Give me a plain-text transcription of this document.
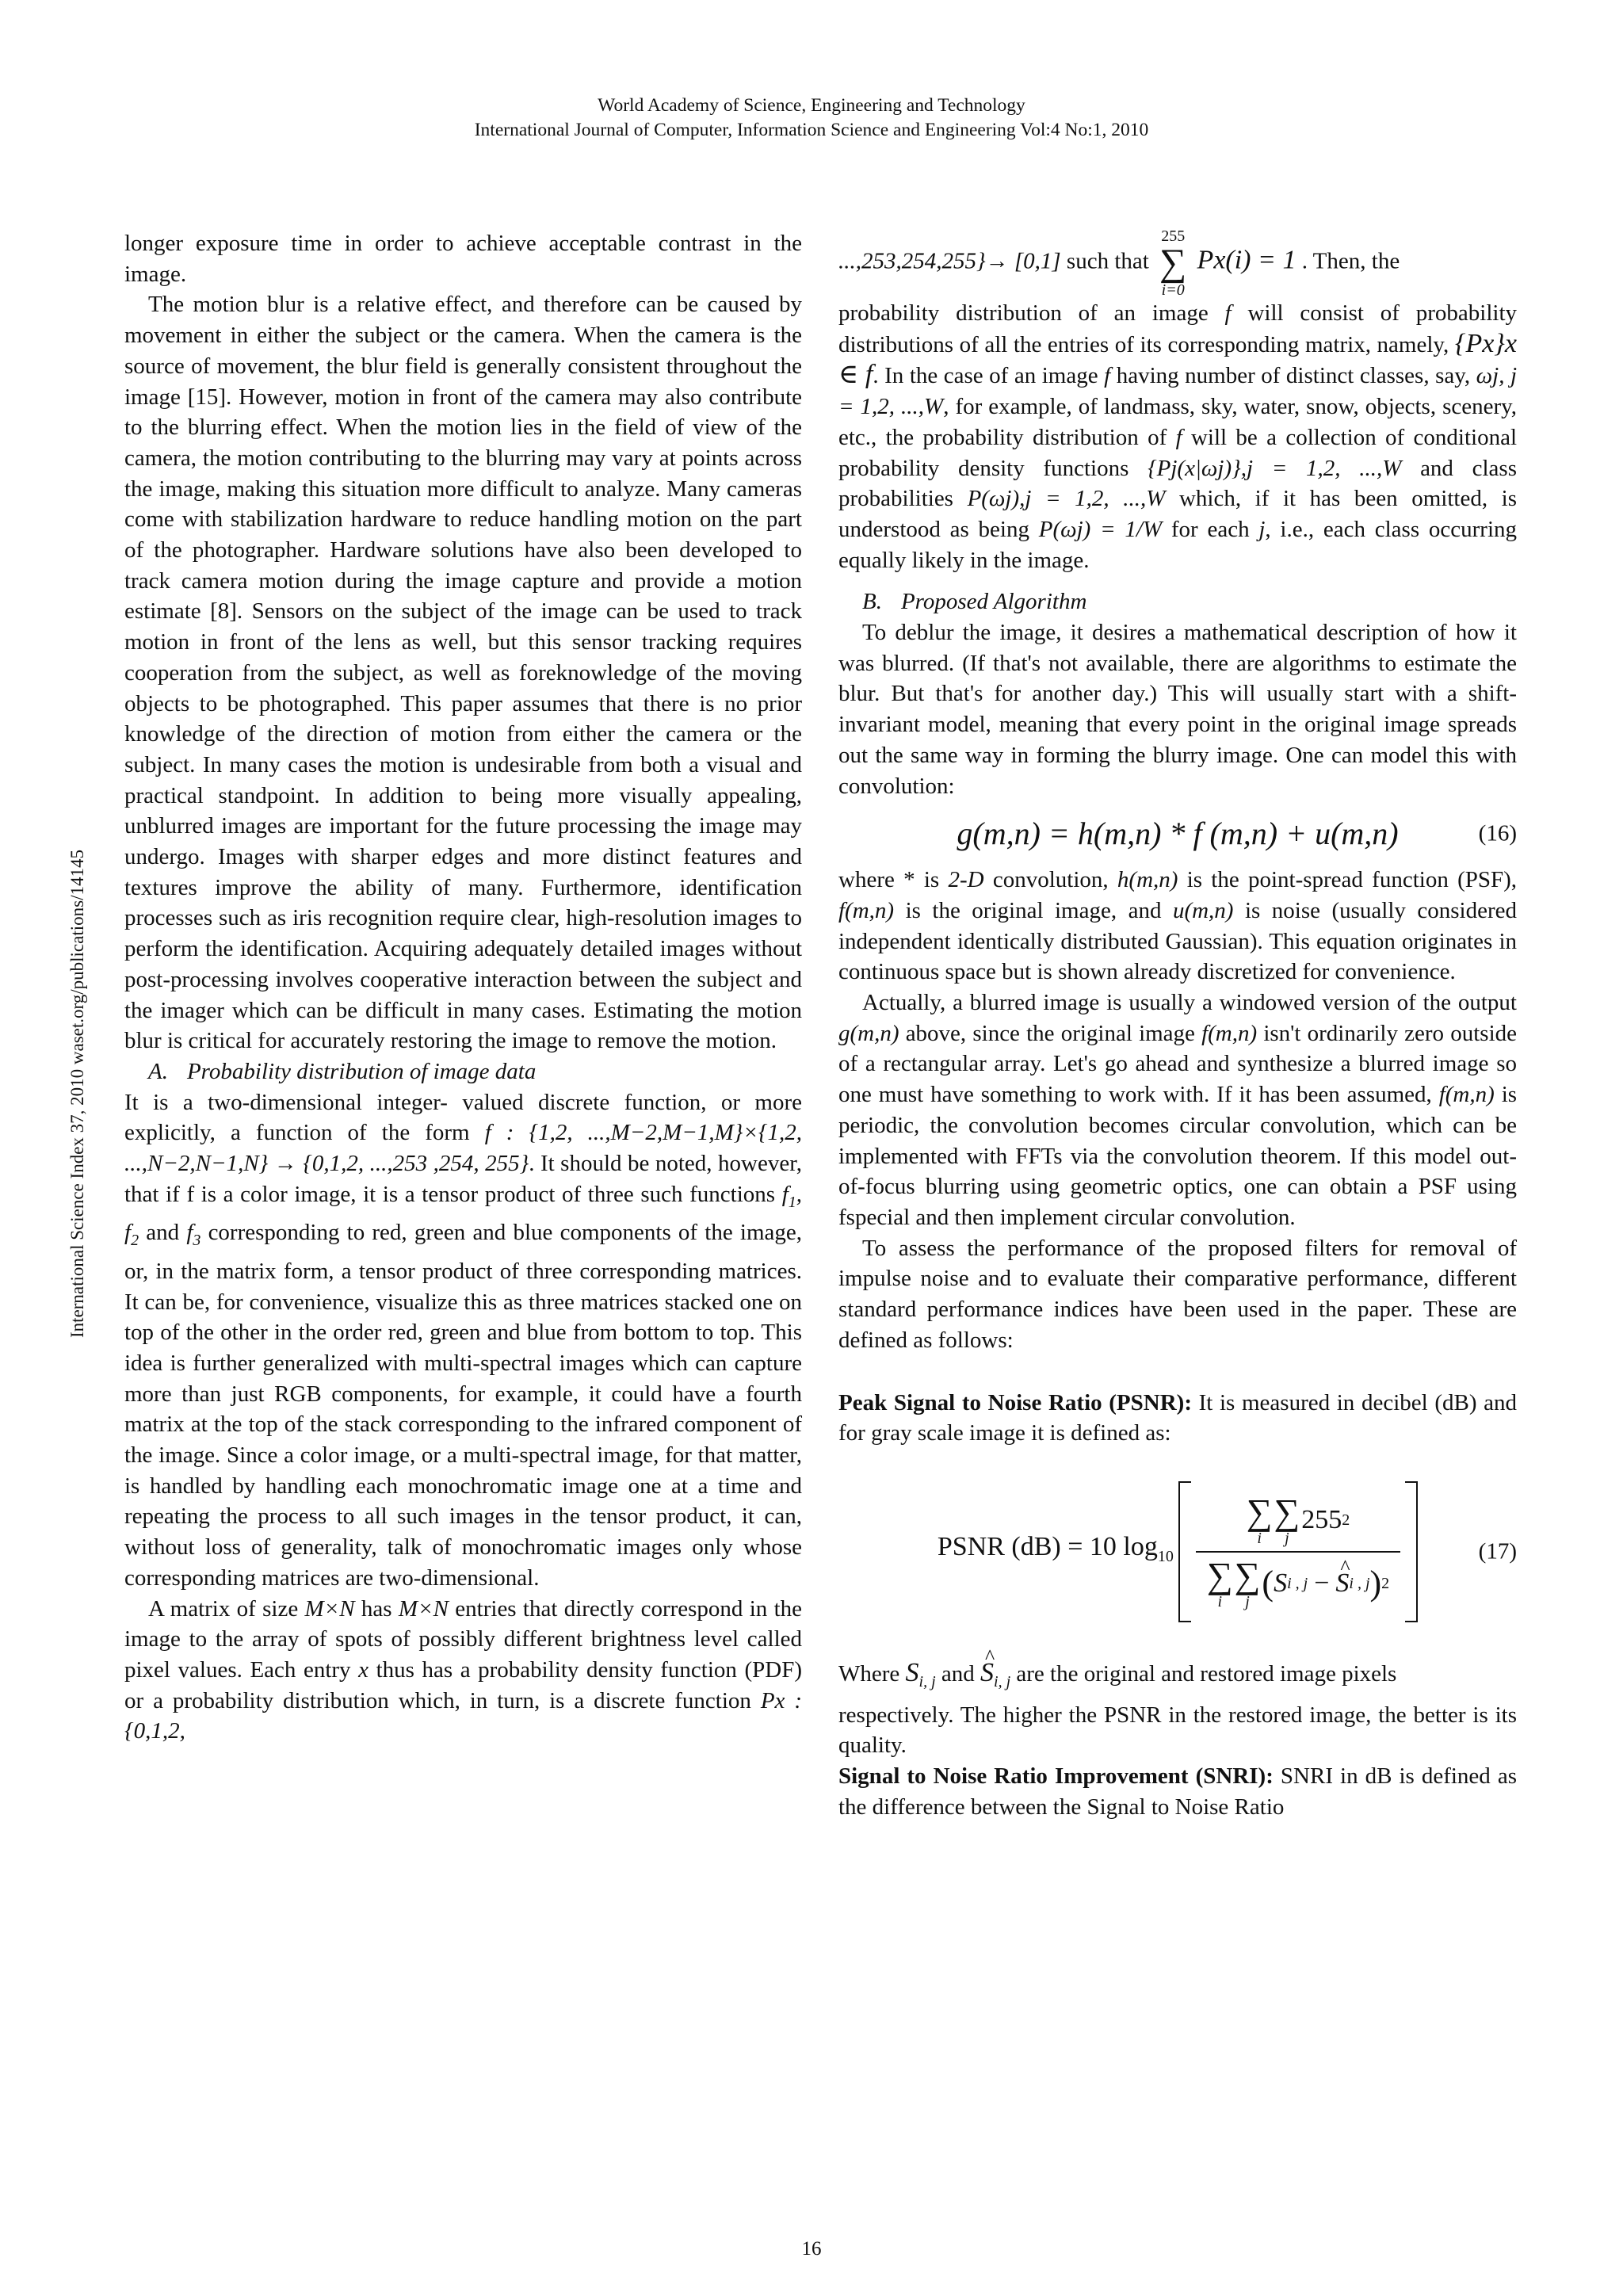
World Academy of Science, Engineering and Technology
International Journal of Computer, Information Science and Engineering Vol:4 No:1, 2010
International Science Index 37, 2010 waset.org/publications/14145

longer exposure time in order to achieve acceptable contrast in the image.

The motion blur is a relative effect, and therefore can be caused by movement in either the subject or the camera. When the camera is the source of movement, the blur field is generally consistent throughout the image [15]. However, motion in front of the camera may also contribute to the blurring effect. When the motion lies in the field of view of the camera, the motion contributing to the blurring may vary at points across the image, making this situation more difficult to analyze. Many cameras come with stabilization hardware to reduce handling motion on the part of the photographer. Hardware solutions have also been developed to track camera motion during the image capture and provide a motion estimate [8]. Sensors on the subject of the image can be used to track motion in front of the lens as well, but this sensor tracking requires cooperation from the subject, as well as foreknowledge of the moving objects to be photographed. This paper assumes that there is no prior knowledge of the direction of motion from either the camera or the subject. In many cases the motion is undesirable from both a visual and practical standpoint. In addition to being more visually appealing, unblurred images are important for the future processing the image may undergo. Images with sharper edges and more distinct features and textures improve the ability of many. Furthermore, identification processes such as iris recognition require clear, high-resolution images to perform the identification. Acquiring adequately detailed images without post-processing involves cooperative interaction between the subject and the imager which can be difficult in many cases. Estimating the motion blur is critical for accurately restoring the image to remove the motion.

A. Probability distribution of image data

It is a two-dimensional integer- valued discrete function, or more explicitly, a function of the form f : {1,2, ...,M−2,M−1,M}×{1,2, ...,N−2,N−1,N} → {0,1,2, ...,253 ,254, 255}. It should be noted, however, that if f is a color image, it is a tensor product of three such functions $f_1$, $f_2$ and $f_3$ corresponding to red, green and blue components of the image, or, in the matrix form, a tensor product of three corresponding matrices. It can be, for convenience, visualize this as three matrices stacked one on top of the other in the order red, green and blue from bottom to top. This idea is further generalized with multi-spectral images which can capture more than just RGB components, for example, it could have a fourth matrix at the top of the stack corresponding to the infrared component of the image. Since a color image, or a multi-spectral image, for that matter, is handled by handling each monochromatic image one at a time and repeating the process to all such images in the tensor product, it can, without loss of generality, talk of monochromatic images only whose corresponding matrices are two-dimensional.

A matrix of size M×N has M×N entries that directly correspond in the image to the array of spots of possibly different brightness level called pixel values. Each entry x thus has a probability density function (PDF) or a probability distribution which, in turn, is a discrete function Px : {0,1,2,

...,253,254,255}→ [0,1] such that
255
∑
i=0
Px(i) = 1 . Then, the

probability distribution of an image f will consist of probability distributions of all the entries of its corresponding matrix, namely, {Px}x ∈ f. In the case of an image f having number of distinct classes, say, ωj, j = 1,2, ...,W, for example, of landmass, sky, water, snow, objects, scenery, etc., the probability distribution of f will be a collection of conditional probability density functions {Pj(x|ωj)},j = 1,2, ...,W and class probabilities P(ωj),j = 1,2, ...,W which, if it has been omitted, is understood as being P(ωj) = 1/W for each j, i.e., each class occurring equally likely in the image.

B. Proposed Algorithm

To deblur the image, it desires a mathematical description of how it was blurred. (If that's not available, there are algorithms to estimate the blur. But that's for another day.) This will usually start with a shift-invariant model, meaning that every point in the original image spreads out the same way in forming the blurry image. One can model this with convolution:

g(m,n) = h(m,n) * f (m,n) + u(m,n)	(16)

where * is 2-D convolution, h(m,n) is the point-spread function (PSF), f(m,n) is the original image, and u(m,n) is noise (usually considered independent identically distributed Gaussian). This equation originates in continuous space but is shown already discretized for convenience.

Actually, a blurred image is usually a windowed version of the output g(m,n) above, since the original image f(m,n) isn't ordinarily zero outside of a rectangular array. Let's go ahead and synthesize a blurred image so one must have something to work with. If it has been assumed, f(m,n) is periodic, the convolution becomes circular convolution, which can be implemented with FFTs via the convolution theorem. If this model out-of-focus blurring using geometric optics, one can obtain a PSF using fspecial and then implement circular convolution.

To assess the performance of the proposed filters for removal of impulse noise and to evaluate their comparative performance, different standard performance indices have been used in the paper. These are defined as follows:

Peak Signal to Noise Ratio (PSNR): It is measured in decibel (dB) and for gray scale image it is defined as:

PSNR (dB) = 10 $\log_{10}$
∑
i
∑
j
255 2
∑
i
∑
j ( S i , j − ^ S i , j ) 2
(17)

Where $S_{i, j}$ and ^ $S_{i, j}$ are the original and restored image pixels

respectively. The higher the PSNR in the restored image, the better is its quality.

Signal to Noise Ratio Improvement (SNRI): SNRI in dB is defined as the difference between the Signal to Noise Ratio

16
